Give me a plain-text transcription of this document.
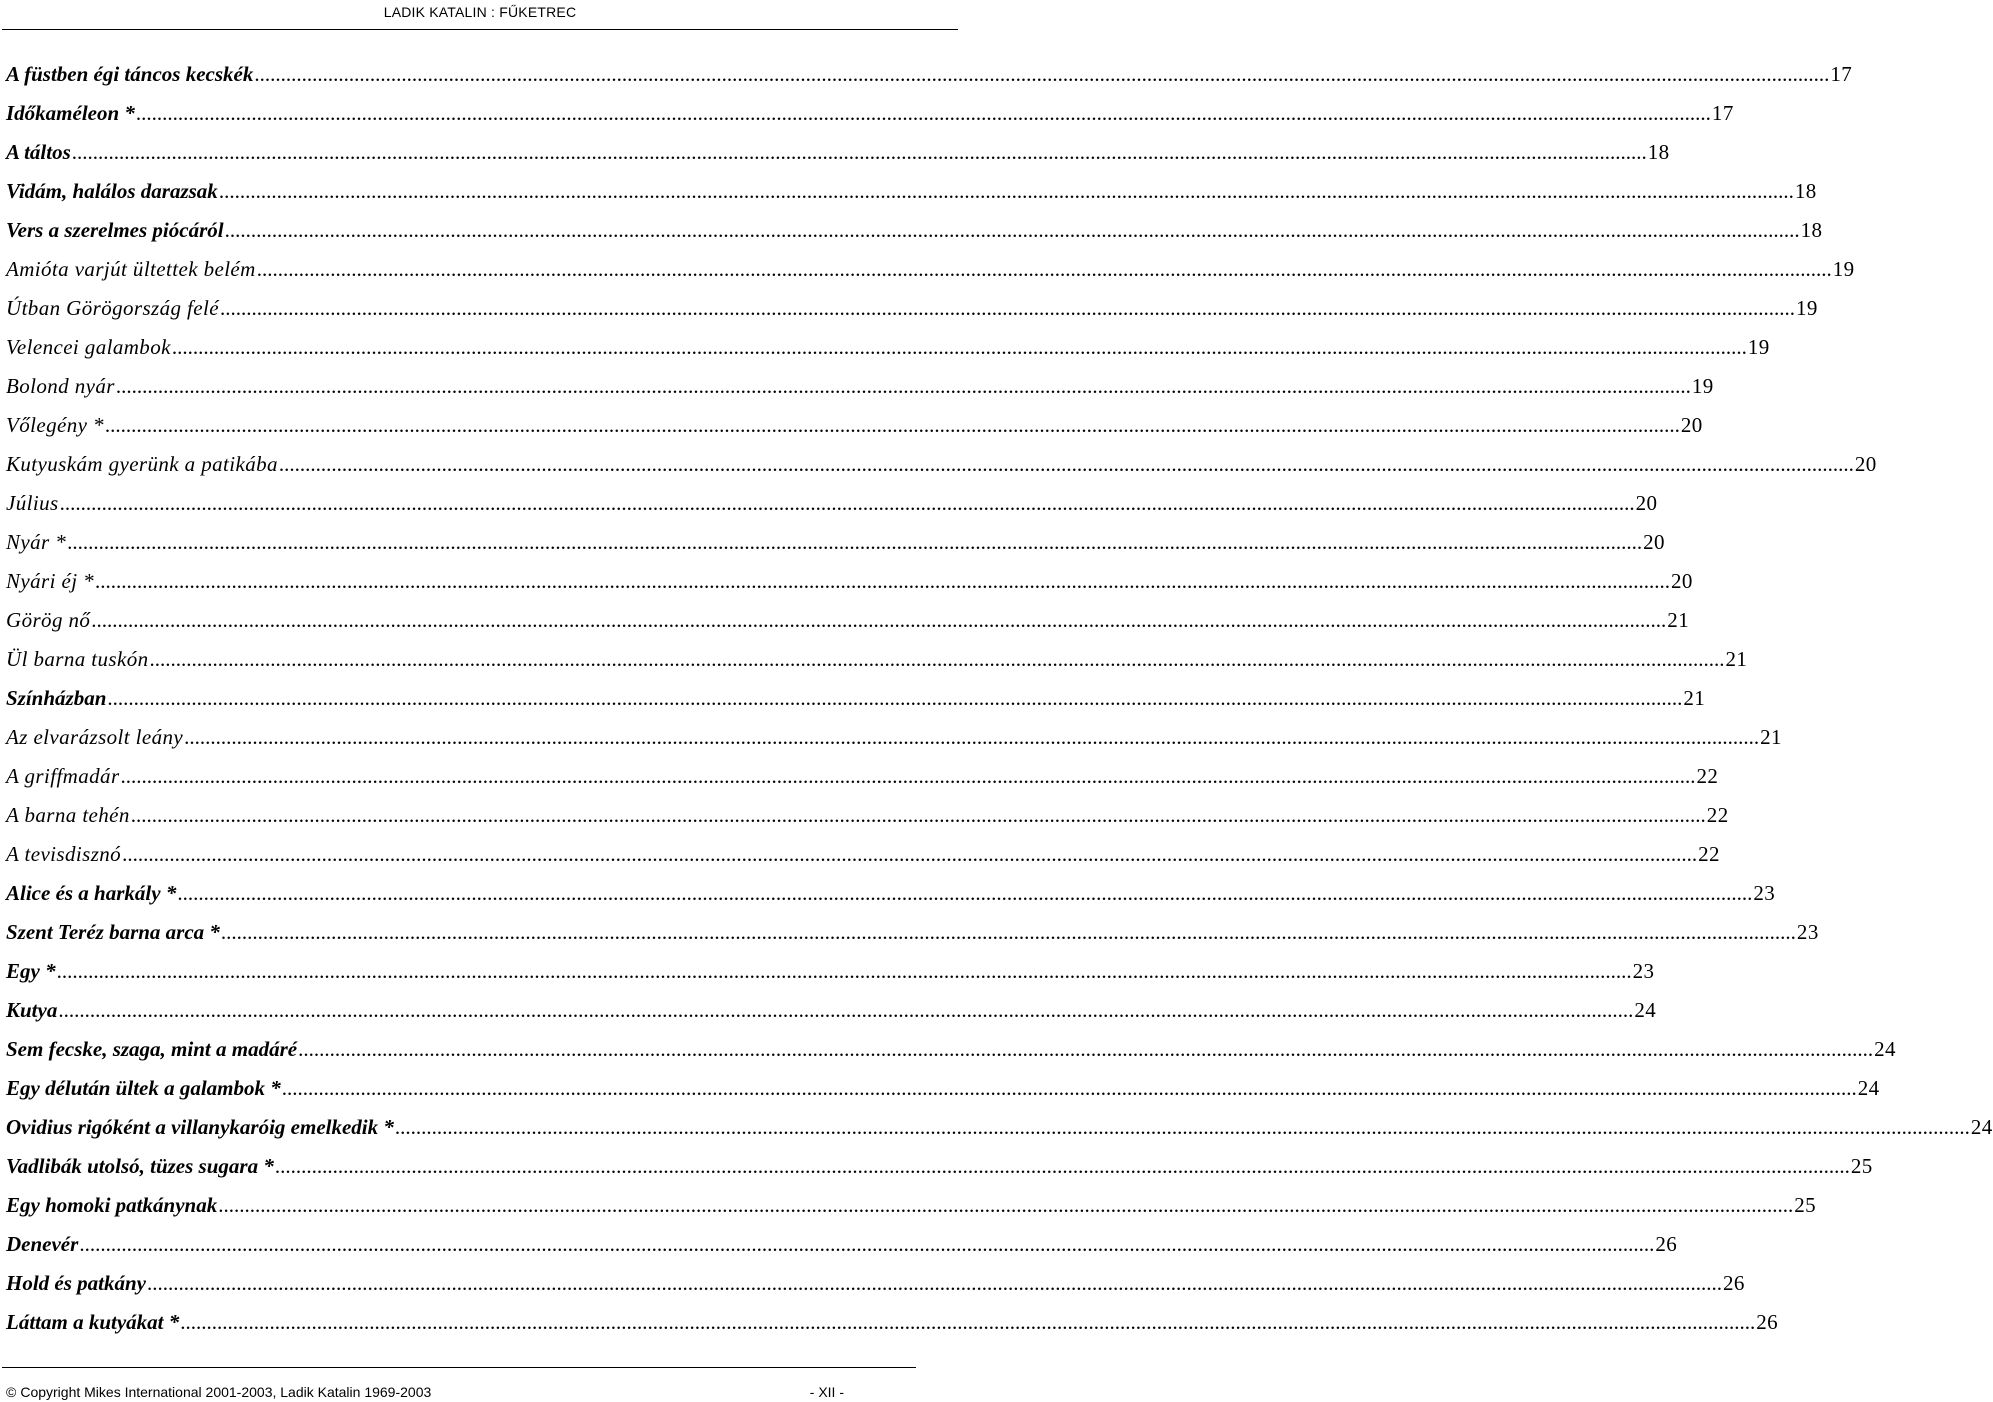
LADIK KATALIN : FŰKETREC
A füstben égi táncos kecskék ............................................................................................................................................................................................................................................................................................................ 17
Időkaméleon * ............................................................................................................................................................................................................................................................................................................ 17
A táltos ............................................................................................................................................................................................................................................................................................................ 18
Vidám, halálos darazsak ............................................................................................................................................................................................................................................................................................................ 18
Vers a szerelmes piócáról ............................................................................................................................................................................................................................................................................................................ 18
Amióta varjút ültettek belém ............................................................................................................................................................................................................................................................................................................ 19
Útban Görögország felé ............................................................................................................................................................................................................................................................................................................ 19
Velencei galambok ............................................................................................................................................................................................................................................................................................................ 19
Bolond nyár ............................................................................................................................................................................................................................................................................................................ 19
Vőlegény * ............................................................................................................................................................................................................................................................................................................ 20
Kutyuskám gyerünk a patikába ............................................................................................................................................................................................................................................................................................................ 20
Július ............................................................................................................................................................................................................................................................................................................ 20
Nyár * ............................................................................................................................................................................................................................................................................................................ 20
Nyári éj * ............................................................................................................................................................................................................................................................................................................ 20
Görög nő ............................................................................................................................................................................................................................................................................................................ 21
Ül barna tuskón ............................................................................................................................................................................................................................................................................................................ 21
Színházban ............................................................................................................................................................................................................................................................................................................ 21
Az elvarázsolt leány ............................................................................................................................................................................................................................................................................................................ 21
A griffmadár ............................................................................................................................................................................................................................................................................................................ 22
A barna tehén ............................................................................................................................................................................................................................................................................................................ 22
A tevisdisznó ............................................................................................................................................................................................................................................................................................................ 22
Alice és a harkály * ............................................................................................................................................................................................................................................................................................................ 23
Szent Teréz barna arca * ............................................................................................................................................................................................................................................................................................................ 23
Egy * ............................................................................................................................................................................................................................................................................................................ 23
Kutya ............................................................................................................................................................................................................................................................................................................ 24
Sem fecske, szaga, mint a madáré ............................................................................................................................................................................................................................................................................................................ 24
Egy délután ültek a galambok * ............................................................................................................................................................................................................................................................................................................ 24
Ovidius rigóként a villanykaróig emelkedik * ............................................................................................................................................................................................................................................................................................................ 24
Vadlibák utolsó, tüzes sugara * ............................................................................................................................................................................................................................................................................................................ 25
Egy homoki patkánynak ............................................................................................................................................................................................................................................................................................................ 25
Denevér ............................................................................................................................................................................................................................................................................................................ 26
Hold és patkány ............................................................................................................................................................................................................................................................................................................ 26
Láttam a kutyákat * ............................................................................................................................................................................................................................................................................................................ 26
© Copyright Mikes International 2001-2003, Ladik Katalin 1969-2003	- XII -
